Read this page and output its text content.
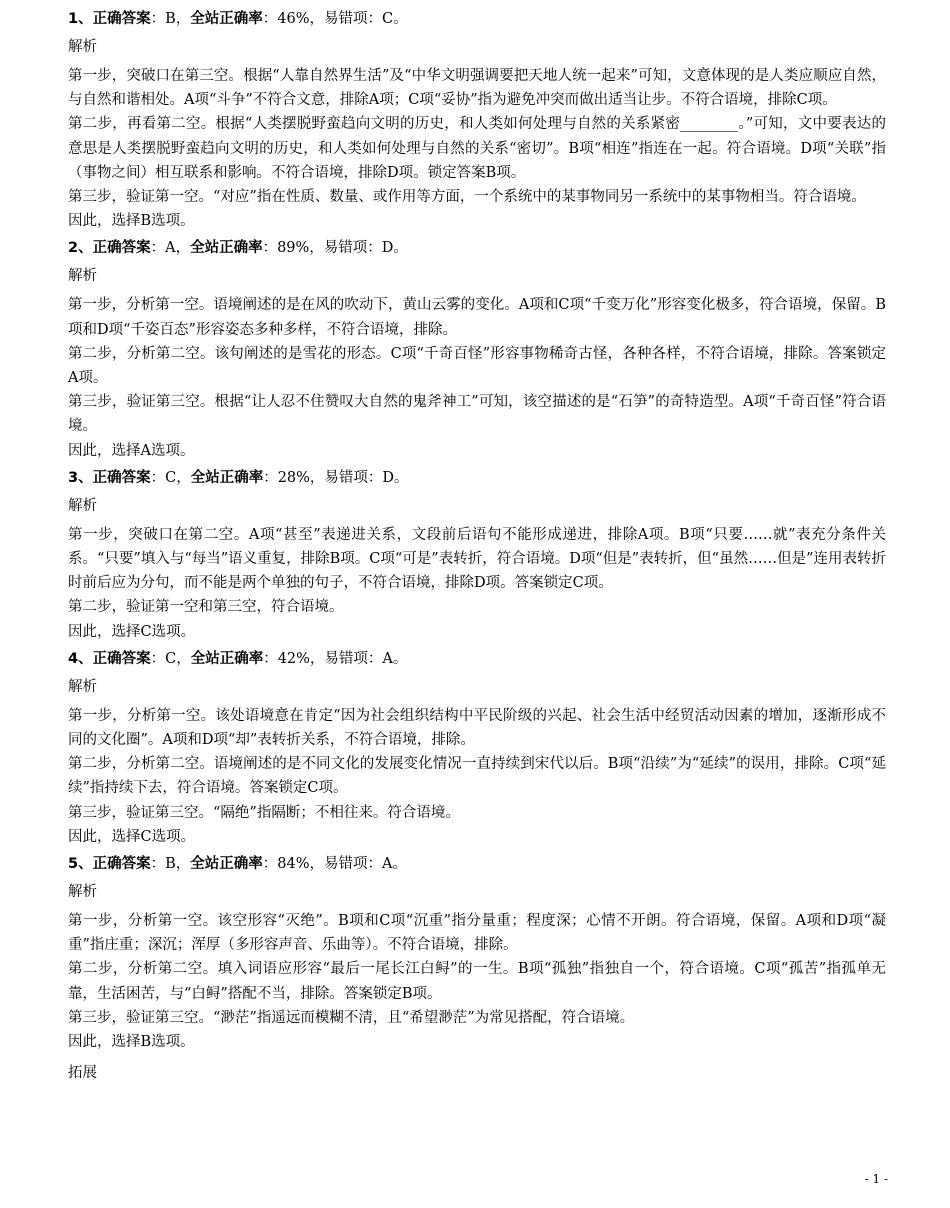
1、正确答案：B，全站正确率：46%，易错项：C。
解析
第一步，突破口在第三空。根据“人靠自然界生活”及“中华文明强调要把天地人统一起来”可知，文意体现的是人类应顺应自然，与自然和谐相处。A项“斗争”不符合文意，排除A项；C项“妥协”指为避免冲突而做出适当让步。不符合语境，排除C项。
第二步，再看第二空。根据“人类摆脱野蛮趋向文明的历史，和人类如何处理与自然的关系紧密________。”可知，文中要表达的意思是人类摆脱野蛮趋向文明的历史，和人类如何处理与自然的关系“密切”。B项“相连”指连在一起。符合语境。D项“关联”指（事物之间）相互联系和影响。不符合语境，排除D项。锁定答案B项。
第三步，验证第一空。“对应”指在性质、数量、或作用等方面，一个系统中的某事物同另一系统中的某事物相当。符合语境。
因此，选择B选项。
2、正确答案：A，全站正确率：89%，易错项：D。
解析
第一步，分析第一空。语境阐述的是在风的吹动下，黄山云雾的变化。A项和C项“千变万化”形容变化极多，符合语境，保留。B项和D项“千姿百态”形容姿态多种多样，不符合语境，排除。
第二步，分析第二空。该句阐述的是雪花的形态。C项“千奇百怪”形容事物稀奇古怪，各种各样，不符合语境，排除。答案锁定A项。
第三步，验证第三空。根据“让人忍不住赞叹大自然的鬼斧神工”可知，该空描述的是“石笋”的奇特造型。A项“千奇百怪”符合语境。
因此，选择A选项。
3、正确答案：C，全站正确率：28%，易错项：D。
解析
第一步，突破口在第二空。A项“甚至”表递进关系，文段前后语句不能形成递进，排除A项。B项“只要……就”表充分条件关系。“只要”填入与“每当”语义重复，排除B项。C项“可是”表转折，符合语境。D项“但是”表转折，但“虽然……但是”连用表转折时前后应为分句，而不能是两个单独的句子，不符合语境，排除D项。答案锁定C项。
第二步，验证第一空和第三空，符合语境。
因此，选择C选项。
4、正确答案：C，全站正确率：42%，易错项：A。
解析
第一步，分析第一空。该处语境意在肯定“因为社会组织结构中平民阶级的兴起、社会生活中经贸活动因素的增加，逐渐形成不同的文化圈”。A项和D项“却”表转折关系，不符合语境，排除。
第二步，分析第二空。语境阐述的是不同文化的发展变化情况一直持续到宋代以后。B项“沿续”为“延续”的误用，排除。C项“延续”指持续下去，符合语境。答案锁定C项。
第三步，验证第三空。“隔绝”指隔断；不相往来。符合语境。
因此，选择C选项。
5、正确答案：B，全站正确率：84%，易错项：A。
解析
第一步，分析第一空。该空形容“灭绝”。B项和C项“沉重”指分量重；程度深；心情不开朗。符合语境，保留。A项和D项“凝重”指庄重；深沉；浑厚（多形容声音、乐曲等）。不符合语境，排除。
第二步，分析第二空。填入词语应形容“最后一尾长江白鲟”的一生。B项“孤独”指独自一个，符合语境。C项“孤苦”指孤单无靠，生活困苦，与“白鲟”搭配不当，排除。答案锁定B项。
第三步，验证第三空。“渺茫”指遥远而模糊不清，且“希望渺茫”为常见搭配，符合语境。
因此，选择B选项。
拓展
- 1 -
